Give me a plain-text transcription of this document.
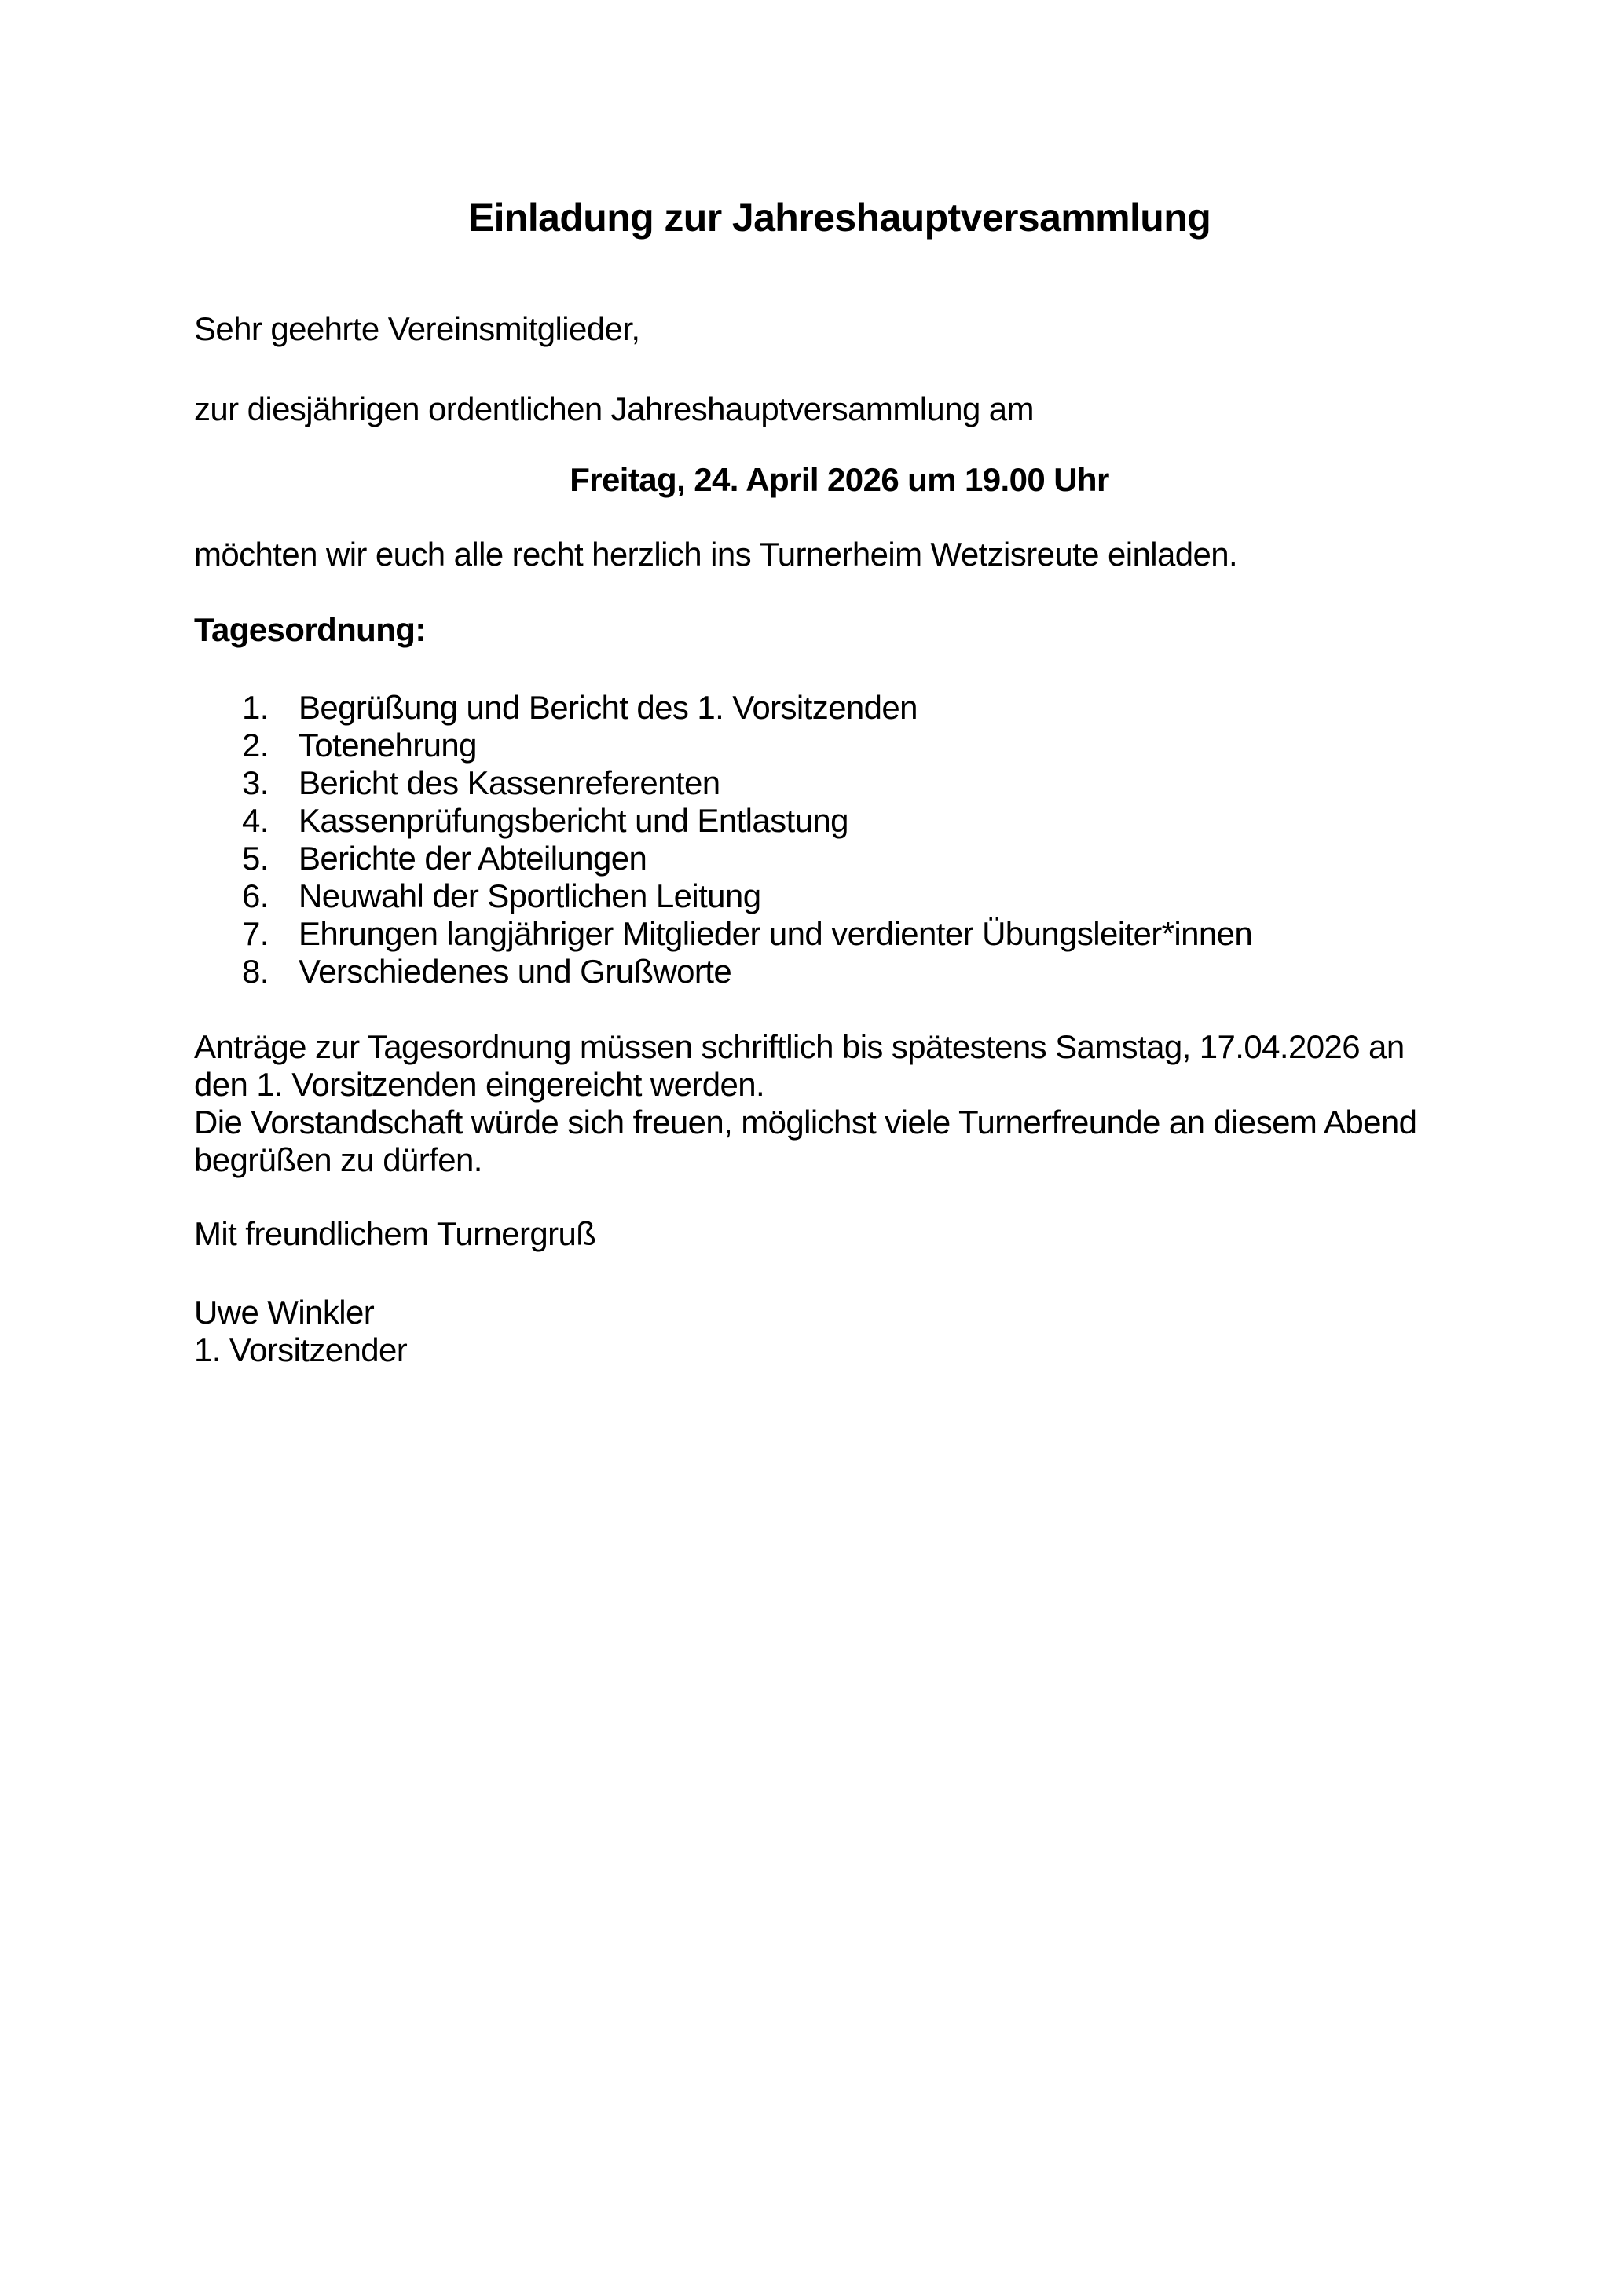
Einladung zur Jahreshauptversammlung
Sehr geehrte Vereinsmitglieder,
zur diesjährigen ordentlichen Jahreshauptversammlung am
Freitag, 24. April 2026 um 19.00 Uhr
möchten wir euch alle recht herzlich ins Turnerheim Wetzisreute einladen.
Tagesordnung:
1. Begrüßung und Bericht des 1. Vorsitzenden
2. Totenehrung
3. Bericht des Kassenreferenten
4. Kassenprüfungsbericht und Entlastung
5. Berichte der Abteilungen
6. Neuwahl der Sportlichen Leitung
7. Ehrungen langjähriger Mitglieder und verdienter Übungsleiter*innen
8. Verschiedenes und Grußworte
Anträge zur Tagesordnung müssen schriftlich bis spätestens Samstag, 17.04.2026 an
den 1. Vorsitzenden eingereicht werden.
Die Vorstandschaft würde sich freuen, möglichst viele Turnerfreunde an diesem Abend
begrüßen zu dürfen.
Mit freundlichem Turnergruß
Uwe Winkler
1. Vorsitzender
